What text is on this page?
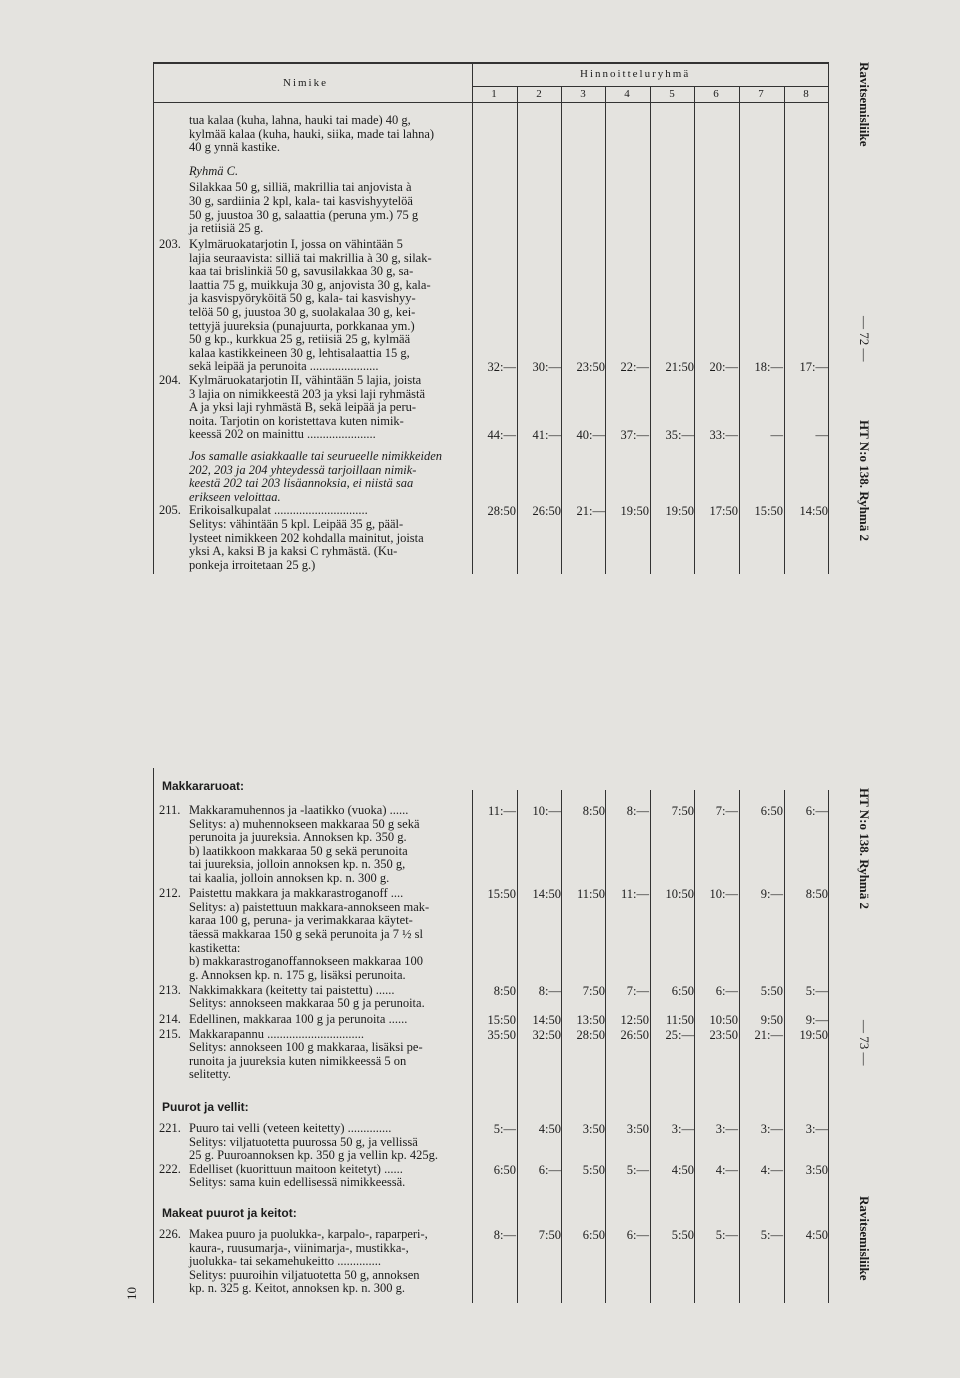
Nimike
Hinnoitteluryhmä
1	2	3	4	5	6	7	8
tua kalaa (kuha, lahna, hauki tai made) 40 g,
kylmää kalaa (kuha, hauki, siika, made tai lahna)
40 g ynnä kastike.
Ryhmä C.
Silakkaa 50 g, silliä, makrillia tai anjovista à
30 g, sardiinia 2 kpl, kala- tai kasvishyytelöä
50 g, juustoa 30 g, salaattia (peruna ym.) 75 g
ja retiisiä 25 g.
203. Kylmäruokatarjotin I, jossa on vähintään 5
lajia seuraavista: silliä tai makrillia à 30 g, silak-
kaa tai brislinkiä 50 g, savusilakkaa 30 g, sa-
laattia 75 g, muikkuja 30 g, anjovista 30 g, kala-
ja kasvispyöryköitä 50 g, kala- tai kasvishyy-
telöä 50 g, juustoa 30 g, suolakalaa 30 g, kei-
tettyjä juureksia (punajuurta, porkkanaa ym.)
50 g kp., kurkkua 25 g, retiisiä 25 g, kylmää
kalaa kastikkeineen 30 g, lehtisalaattia 15 g,
sekä leipää ja perunoita ......................	32:—	30:—	23:50	22:—	21:50	20:—	18:—	17:—
204. Kylmäruokatarjotin II, vähintään 5 lajia, joista
3 lajia on nimikkeestä 203 ja yksi laji ryhmästä
A ja yksi laji ryhmästä B, sekä leipää ja peru-
noita. Tarjotin on koristettava kuten nimik-
keessä 202 on mainittu ......................	44:—	41:—	40:—	37:—	35:—	33:—	—	—
Jos samalle asiakkaalle tai seurueelle nimikkeiden
202, 203 ja 204 yhteydessä tarjoillaan nimik-
keestä 202 tai 203 lisäannoksia, ei niistä saa
erikseen veloittaa.
205. Erikoisalkupalat ..............................	28:50	26:50	21:—	19:50	19:50	17:50	15:50	14:50
Selitys: vähintään 5 kpl. Leipää 35 g, pääl-
lysteet nimikkeen 202 kohdalla mainitut, joista
yksi A, kaksi B ja kaksi C ryhmästä. (Ku-
ponkeja irroitetaan 25 g.)
Makkararuoat:
Puurot ja vellit:
Makeat puurot ja keitot:
211. Makkaramuhennos ja -laatikko (vuoka) ......
Selitys: a) muhennokseen makkaraa 50 g sekä
perunoita ja juureksia. Annoksen kp. 350 g.
b) laatikkoon makkaraa 50 g sekä perunoita
tai juureksia, jolloin annoksen kp. n. 350 g,
tai kaalia, jolloin annoksen kp. n. 300 g.
11:—	10:—	8:50	8:—	7:50	7:—	6:50	6:—
212. Paistettu makkara ja makkarastroganoff ....
Selitys: a) paistettuun makkara-annokseen mak-
karaa 100 g, peruna- ja verimakkaraa käytet-
täessä makkaraa 150 g sekä perunoita ja 7 ½ sl
kastiketta:
b) makkarastroganoffannokseen makkaraa 100
g. Annoksen kp. n. 175 g, lisäksi perunoita.
15:50	14:50	11:50	11:—	10:50	10:—	9:—	8:50
213. Nakkimakkara (keitetty tai paistettu) ......
Selitys: annokseen makkaraa 50 g ja perunoita.
8:50	8:—	7:50	7:—	6:50	6:—	5:50	5:—
214. Edellinen, makkaraa 100 g ja perunoita ......	15:50	14:50	13:50	12:50	11:50	10:50	9:50	9:—
215. Makkarapannu ...............................
Selitys: annokseen 100 g makkaraa, lisäksi pe-
runoita ja juureksia kuten nimikkeessä 5 on
selitetty.
35:50	32:50	28:50	26:50	25:—	23:50	21:—	19:50
221. Puuro tai velli (veteen keitetty) ..............
Selitys: viljatuotetta puurossa 50 g, ja vellissä
25 g. Puuroannoksen kp. 350 g ja vellin kp. 425g.
5:—	4:50	3:50	3:50	3:—	3:—	3:—	3:—
222. Edelliset (kuorittuun maitoon keitetyt) ......
Selitys: sama kuin edellisessä nimikkeessä.
6:50	6:—	5:50	5:—	4:50	4:—	4:—	3:50
226. Makea puuro ja puolukka-, karpalo-, raparperi-,
kaura-, ruusumarja-, viinimarja-, mustikka-,
juolukka- tai sekamehukeitto ..............
Selitys: puuroihin viljatuotetta 50 g, annoksen
kp. n. 325 g. Keitot, annoksen kp. n. 300 g.
8:—	7:50	6:50	6:—	5:50	5:—	5:—	4:50
Ravitsemisliike
— 72 —
HT N:o 138. Ryhmä 2
HT N:o 138. Ryhmä 2
— 73 —
Ravitsemisliike
10
